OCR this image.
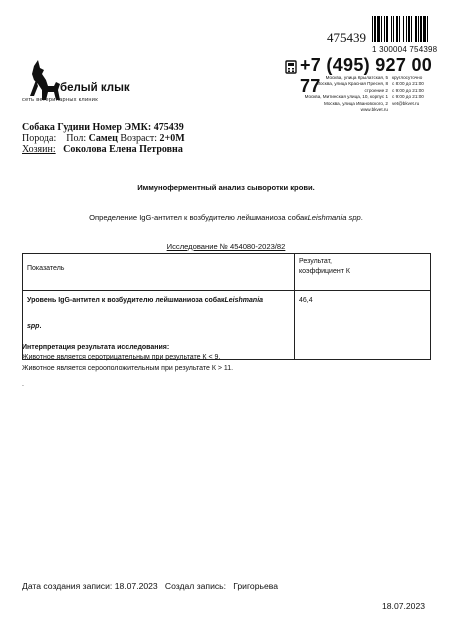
475439
1 300004 754398
белый клык
сеть ветеринарных клиник
+7 (495) 927 00 77	Москва, улица Крылатская, 5
Москва, улица Красная Пресня, 8 строение 2
Москва, Митинская улица, 10, корпус 1
Москва, улица Ивановского, 2
www.bkvet.ru
круглосуточно
с 8:00 до 21:00
с 9:00 до 21:00
с 9:00 до 21:00
vet@bkvet.ru
Собака Гудини Номер ЭМК: 475439
Порода: Пол: Самец Возраст: 2+0М
Хозяин: Соколова Елена Петровна
Иммуноферментный анализ сыворотки крови.
Определение IgG-антител к возбудителю лейшманиоза собакLeishmania spp.
Исследование № 454080-2023/82
Показатель	Результат,
коэффициент К

Уровень IgG-антител к возбудителю лейшманиоза собакLeishmania

spp.	46,4
Интерпретация результата исследования:
Животное является серотрицательным при результате К < 9.
Животное является серооположительным при результате К > 11.
.
Дата создания записи: 18.07.2023 Создал запись: Григорьева
18.07.2023
